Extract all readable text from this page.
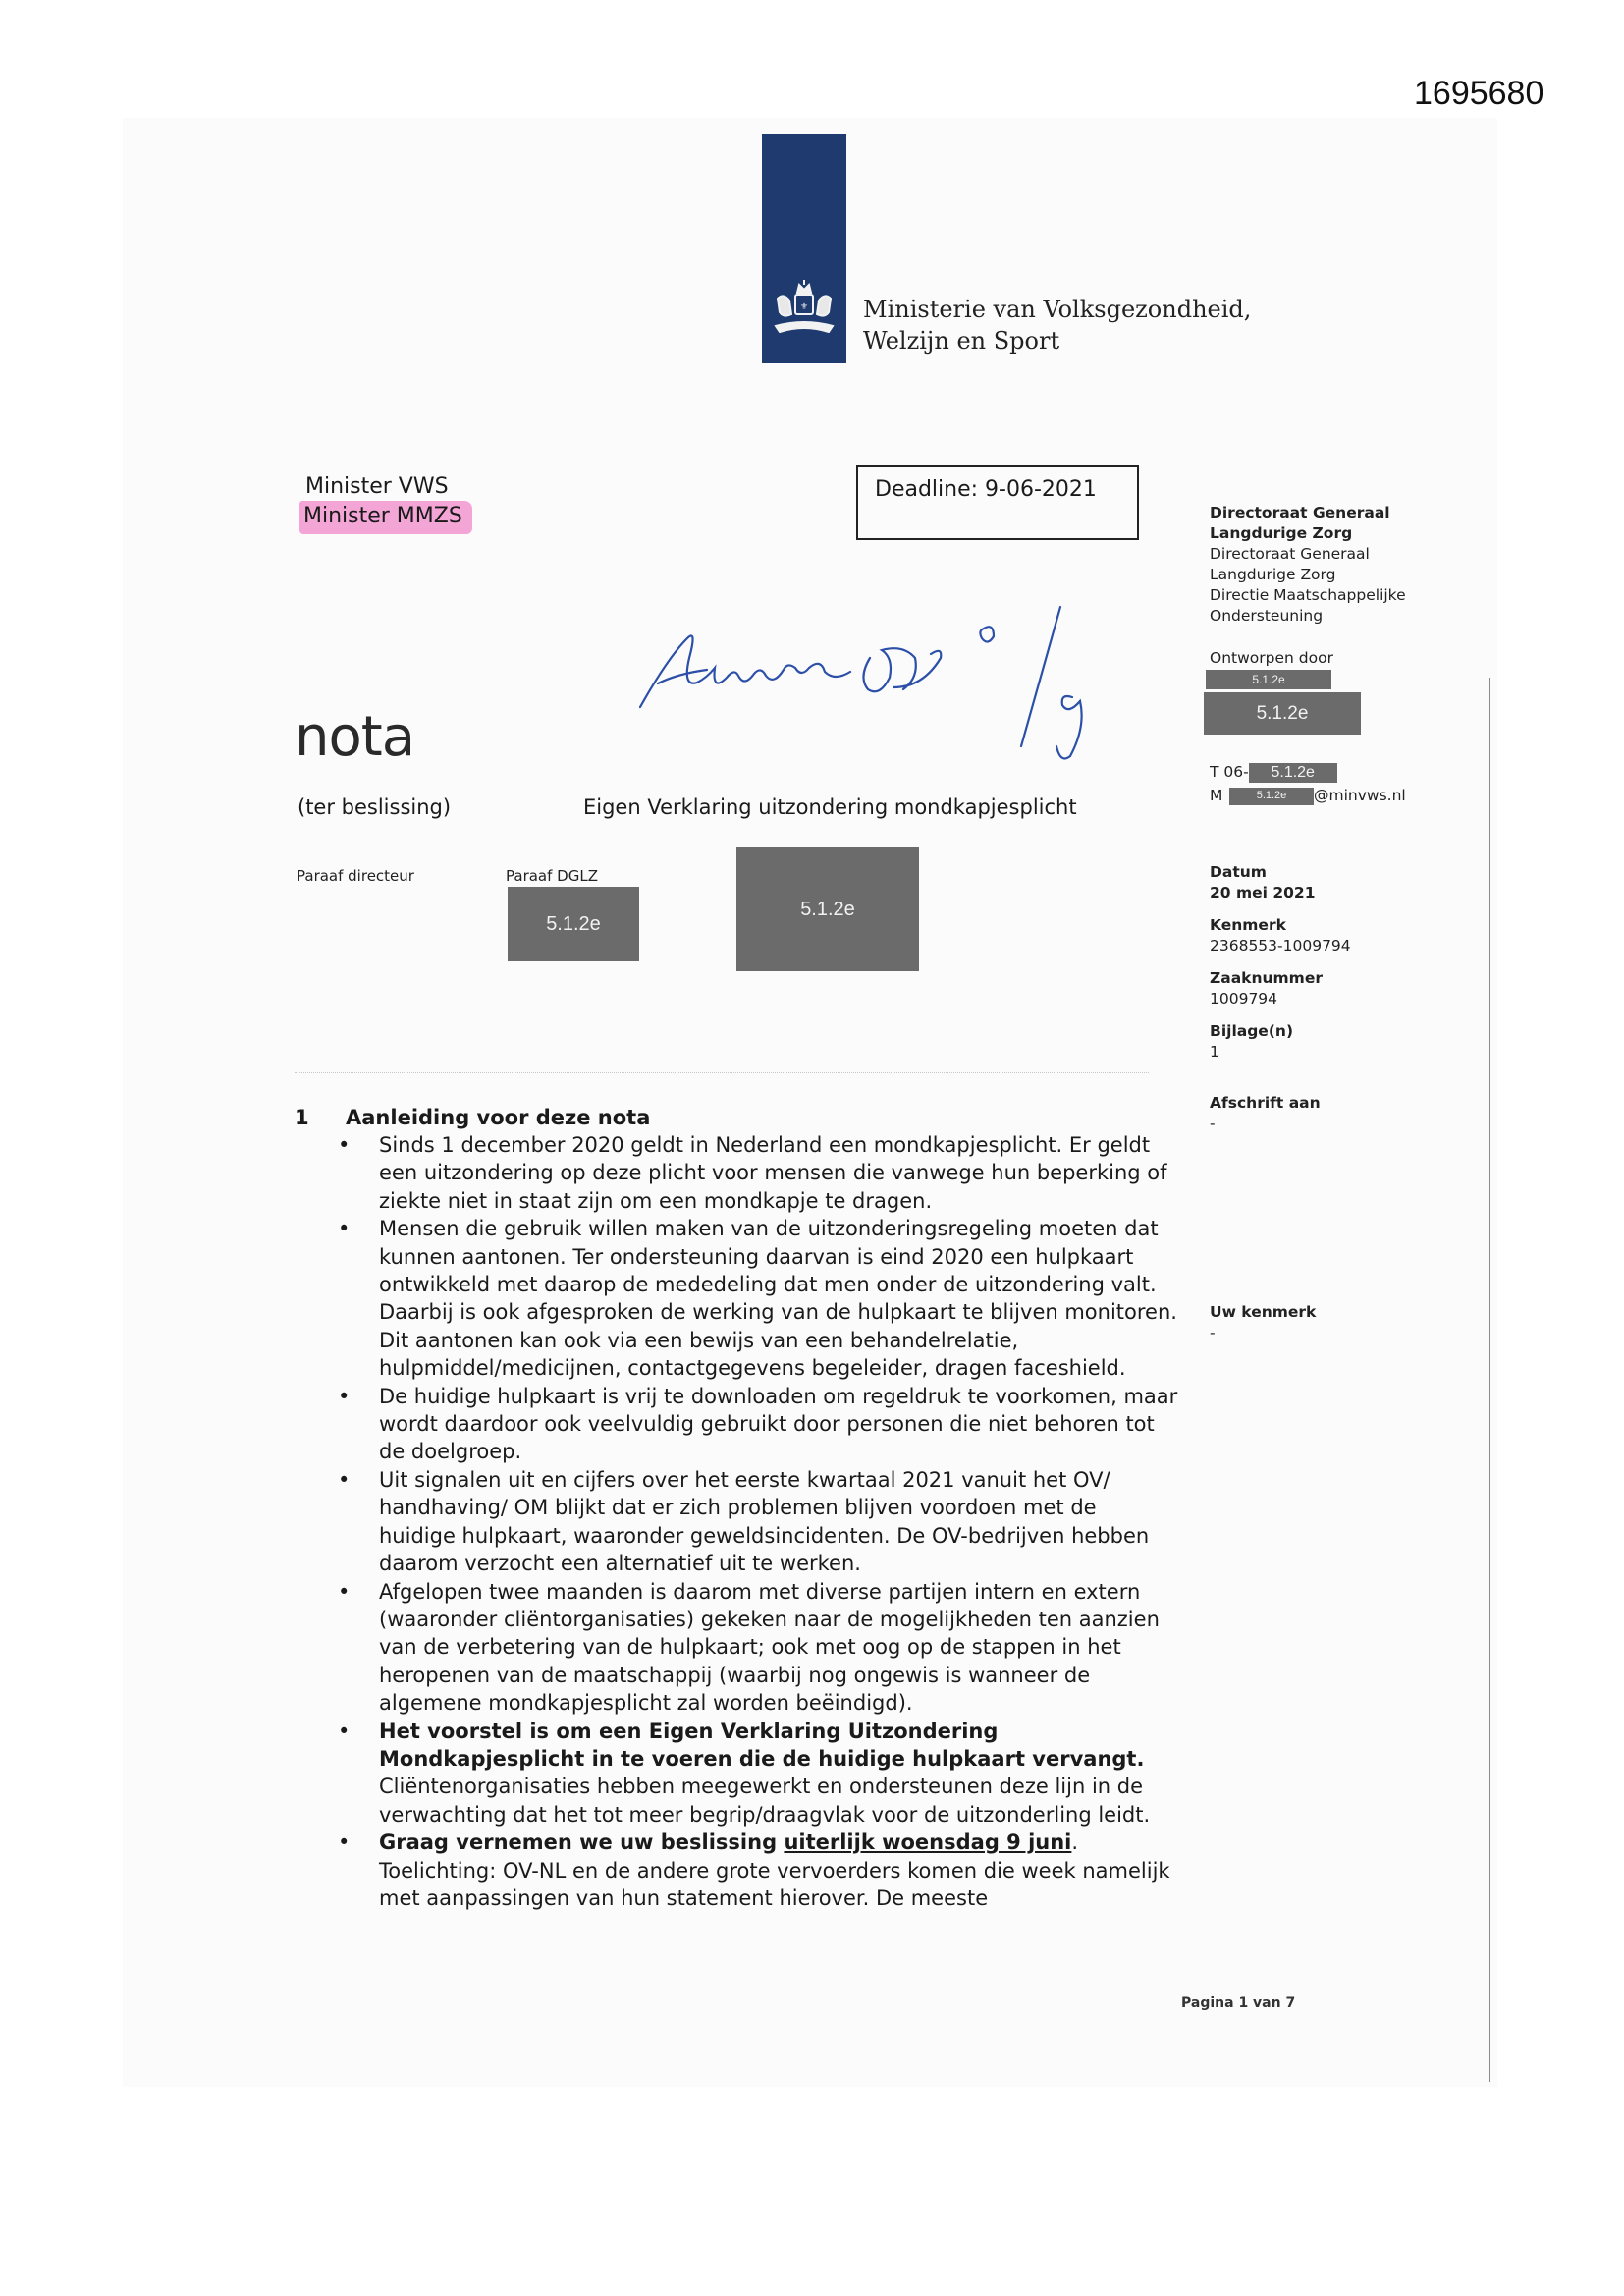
1695680
⚜ Ministerie van Volksgezondheid,
Welzijn en Sport
Minister VWS
Minister MMZS
Deadline: 9-06-2021
nota
(ter beslissing)	Eigen Verklaring uitzondering mondkapjesplicht
Paraaf directeur	Paraaf DGLZ
5.1.2e
5.1.2e
Directoraat Generaal
Langdurige Zorg
Directoraat Generaal
Langdurige Zorg
Directie Maatschappelijke
Ondersteuning
Ontworpen door
5.1.2e
5.1.2e
T 06-	5.1.2e
M	5.1.2e	@minvws.nl
Datum
20 mei 2021
Kenmerk
2368553-1009794
Zaaknummer
1009794
Bijlage(n)
1
Afschrift aan
-
Uw kenmerk
-
1 Aanleiding voor deze nota
• Sinds 1 december 2020 geldt in Nederland een mondkapjesplicht. Er geldt een uitzondering op deze plicht voor mensen die vanwege hun beperking of ziekte niet in staat zijn om een mondkapje te dragen.
• Mensen die gebruik willen maken van de uitzonderingsregeling moeten dat kunnen aantonen. Ter ondersteuning daarvan is eind 2020 een hulpkaart ontwikkeld met daarop de mededeling dat men onder de uitzondering valt. Daarbij is ook afgesproken de werking van de hulpkaart te blijven monitoren. Dit aantonen kan ook via een bewijs van een behandelrelatie, hulpmiddel/medicijnen, contactgegevens begeleider, dragen faceshield.
• De huidige hulpkaart is vrij te downloaden om regeldruk te voorkomen, maar wordt daardoor ook veelvuldig gebruikt door personen die niet behoren tot de doelgroep.
• Uit signalen uit en cijfers over het eerste kwartaal 2021 vanuit het OV/ handhaving/ OM blijkt dat er zich problemen blijven voordoen met de huidige hulpkaart, waaronder geweldsincidenten. De OV-bedrijven hebben daarom verzocht een alternatief uit te werken.
• Afgelopen twee maanden is daarom met diverse partijen intern en extern (waaronder cliëntorganisaties) gekeken naar de mogelijkheden ten aanzien van de verbetering van de hulpkaart; ook met oog op de stappen in het heropenen van de maatschappij (waarbij nog ongewis is wanneer de algemene mondkapjesplicht zal worden beëindigd).
• Het voorstel is om een Eigen Verklaring Uitzondering Mondkapjesplicht in te voeren die de huidige hulpkaart vervangt. Cliëntenorganisaties hebben meegewerkt en ondersteunen deze lijn in de verwachting dat het tot meer begrip/draagvlak voor de uitzonderling leidt.
• Graag vernemen we uw beslissing uiterlijk woensdag 9 juni.
Toelichting: OV-NL en de andere grote vervoerders komen die week namelijk met aanpassingen van hun statement hierover. De meeste
Pagina 1 van 7
